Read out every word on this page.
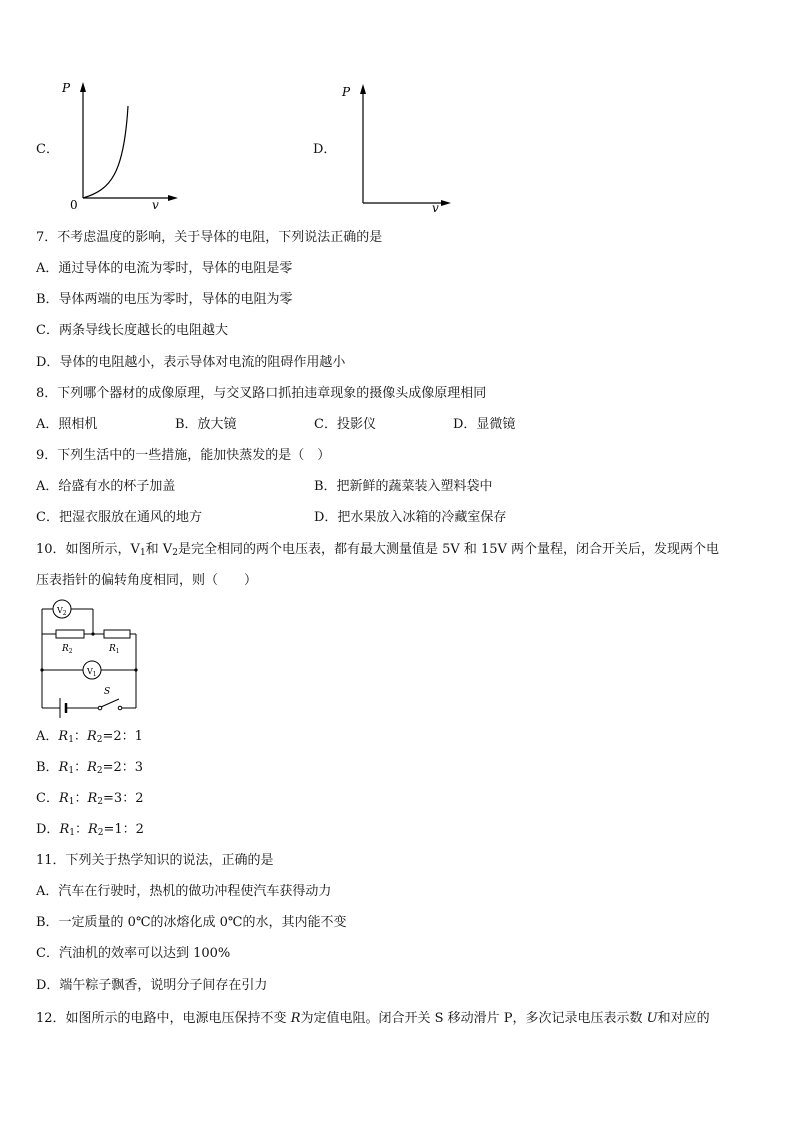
C．	D．
P
v
0
P
v
7．不考虑温度的影响，关于导体的电阻，下列说法正确的是
A．通过导体的电流为零时，导体的电阻是零
B．导体两端的电压为零时，导体的电阻为零
C．两条导线长度越长的电阻越大
D．导体的电阻越小，表示导体对电流的阻碍作用越小
8．下列哪个器材的成像原理，与交叉路口抓拍违章现象的摄像头成像原理相同
A．照相机	B．放大镜	C．投影仪	D．显微镜
9．下列生活中的一些措施，能加快蒸发的是（　）
A．给盛有水的杯子加盖	B．把新鲜的蔬菜装入塑料袋中
C．把湿衣服放在通风的地方	D．把水果放入冰箱的冷藏室保存
10．如图所示，$V_1$和 $V_2$是完全相同的两个电压表，都有最大测量值是 5V 和 15V 两个量程，闭合开关后，发现两个电
压表指针的偏转角度相同，则（　　）
$V_2$
$R_2$	$R_1$
$V_1$
S
A．$R_1$：$R_2=2$：1
B．$R_1$：$R_2=2$：3
C．$R_1$：$R_2=3$：2
D．$R_1$：$R_2=1$：2
11．下列关于热学知识的说法，正确的是
A．汽车在行驶时，热机的做功冲程使汽车获得动力
B．一定质量的 0℃的冰熔化成 0℃的水，其内能不变
C．汽油机的效率可以达到 100%
D．端午粽子飘香，说明分子间存在引力
12．如图所示的电路中，电源电压保持不变 R为定值电阻。闭合开关 S 移动滑片 P，多次记录电压表示数 U和对应的
